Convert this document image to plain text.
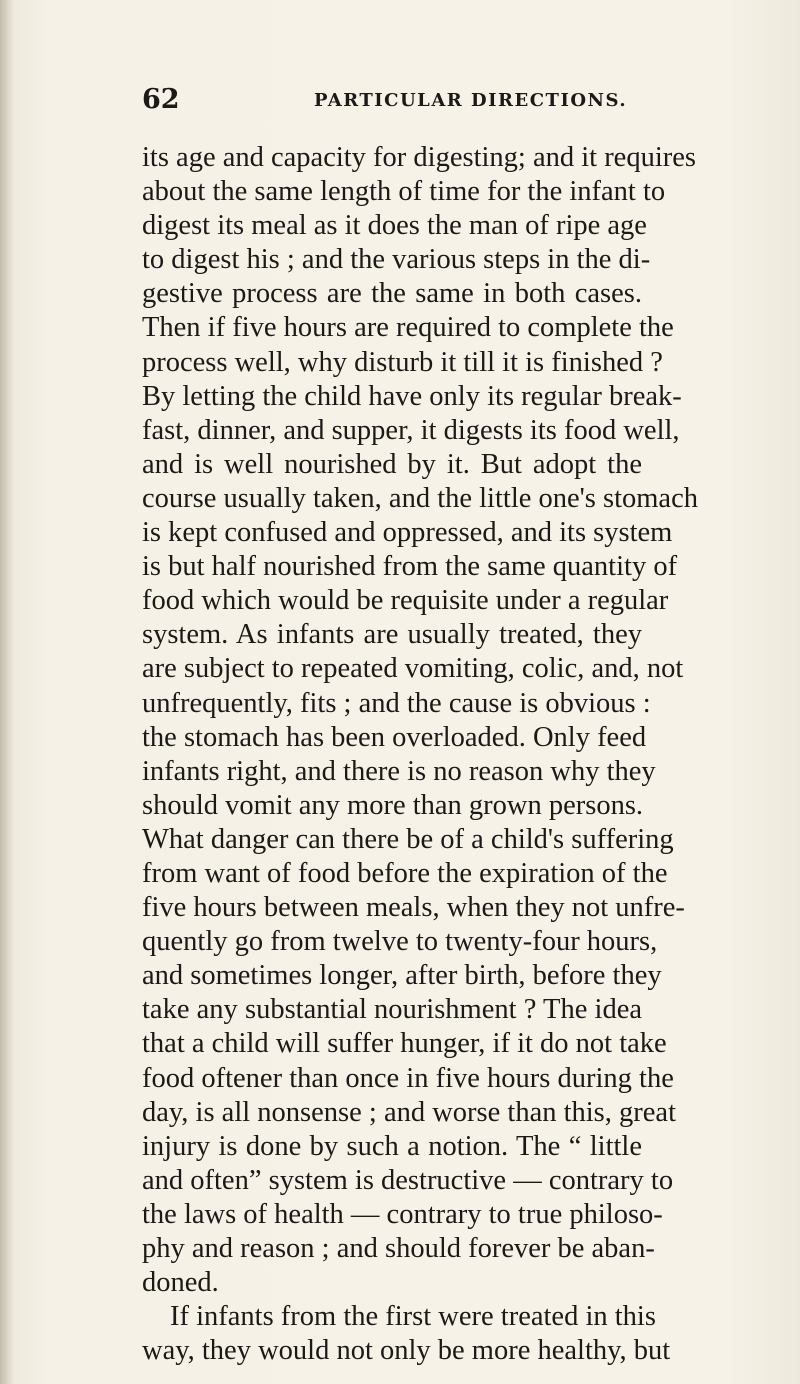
62	PARTICULAR DIRECTIONS.
its age and capacity for digesting; and it requires
about the same length of time for the infant to
digest its meal as it does the man of ripe age
to digest his ; and the various steps in the di-
gestive process are the same in both cases.
Then if five hours are required to complete the
process well, why disturb it till it is finished ?
By letting the child have only its regular break-
fast, dinner, and supper, it digests its food well,
and is well nourished by it. But adopt the
course usually taken, and the little one's stomach
is kept confused and oppressed, and its system
is but half nourished from the same quantity of
food which would be requisite under a regular
system. As infants are usually treated, they
are subject to repeated vomiting, colic, and, not
unfrequently, fits ; and the cause is obvious :
the stomach has been overloaded. Only feed
infants right, and there is no reason why they
should vomit any more than grown persons.
What danger can there be of a child's suffering
from want of food before the expiration of the
five hours between meals, when they not unfre-
quently go from twelve to twenty-four hours,
and sometimes longer, after birth, before they
take any substantial nourishment ? The idea
that a child will suffer hunger, if it do not take
food oftener than once in five hours during the
day, is all nonsense ; and worse than this, great
injury is done by such a notion. The “ little
and often” system is destructive — contrary to
the laws of health — contrary to true philoso-
phy and reason ; and should forever be aban-
doned.
If infants from the first were treated in this
way, they would not only be more healthy, but
